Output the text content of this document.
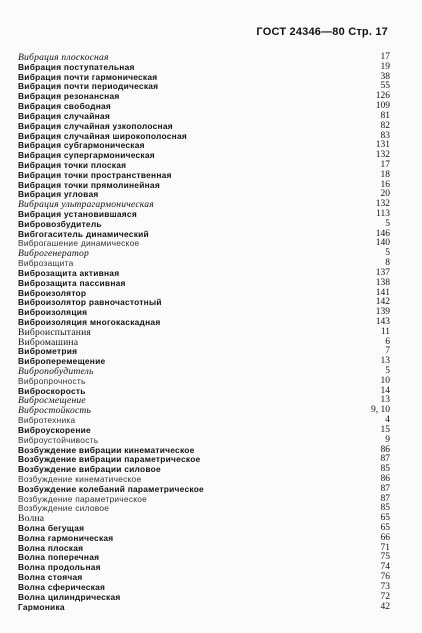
ГОСТ 24346—80 Стр. 17
Вибрация плоскосная	17
Вибрация поступательная	19
Вибрация почти гармоническая	38
Вибрация почти периодическая	55
Вибрация резонансная	126
Вибрация свободная	109
Вибрация случайная	81
Вибрация случайная узкополосная	82
Вибрация случайная широкополосная	83
Вибрация субгармоническая	131
Вибрация супергармоническая	132
Вибрация точки плоская	17
Вибрация точки пространственная	18
Вибрация точки прямолинейная	16
Вибрация угловая	20
Вибрация ультрагармоническая	132
Вибрация установившаяся	113
Вибровозбудитель	5
Вибгогаситель динамический	146
Виброгашение динамическое	140
Виброгенератор	5
Виброзащита	8
Виброзащита активная	137
Виброзащита пассивная	138
Виброизолятор	141
Виброизолятор равночастотный	142
Виброизоляция	139
Виброизоляция многокаскадная	143
Виброиспытания	11
Вибромашина	6
Виброметрия	7
Виброперемещение	13
Вибропобудитель	5
Вибропрочность	10
Виброскорость	14
Вибросмещение	13
Вибростойкость	9, 10
Вибротехника	4
Виброускорение	15
Виброустойчивость	9
Возбуждение вибрации кинематическое	86
Возбуждение вибрации параметрическое	87
Возбуждение вибрации силовое	85
Возбуждение кинематическое	86
Возбуждение колебаний параметрическое	87
Возбуждение параметрическое	87
Возбуждение силовое	85
Волна	65
Волна бегущая	65
Волна гармоническая	66
Волна плоская	71
Волна поперечная	75
Волна продольная	74
Волна стоячая	76
Волна сферическая	73
Волна цилиндрическая	72
Гармоника	42
